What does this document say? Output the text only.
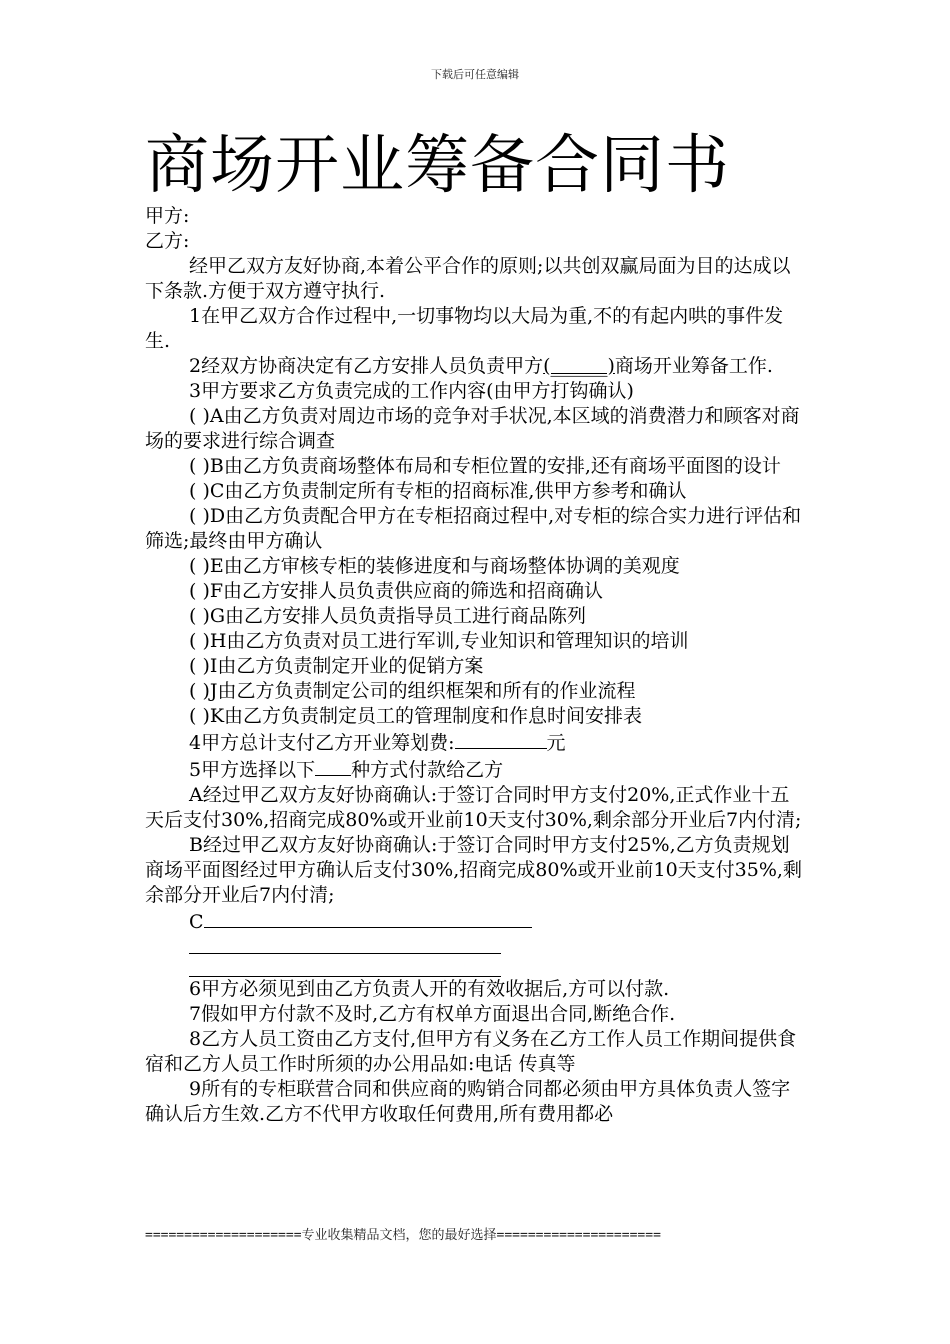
下载后可任意编辑
商场开业筹备合同书

甲方:

乙方:

经甲乙双方友好协商,本着公平合作的原则;以共创双赢局面为目的达成以下条款.方便于双方遵守执行.

1在甲乙双方合作过程中,一切事物均以大局为重,不的有起内哄的事件发生.

2经双方协商决定有乙方安排人员负责甲方(______)商场开业筹备工作.

3甲方要求乙方负责完成的工作内容(由甲方打钩确认)

( )A由乙方负责对周边市场的竞争对手状况,本区域的消费潜力和顾客对商场的要求进行综合调查

( )B由乙方负责商场整体布局和专柜位置的安排,还有商场平面图的设计

( )C由乙方负责制定所有专柜的招商标准,供甲方参考和确认

( )D由乙方负责配合甲方在专柜招商过程中,对专柜的综合实力进行评估和筛选;最终由甲方确认

( )E由乙方审核专柜的装修进度和与商场整体协调的美观度

( )F由乙方安排人员负责供应商的筛选和招商确认

( )G由乙方安排人员负责指导员工进行商品陈列

( )H由乙方负责对员工进行军训,专业知识和管理知识的培训

( )I由乙方负责制定开业的促销方案

( )J由乙方负责制定公司的组织框架和所有的作业流程

( )K由乙方负责制定员工的管理制度和作息时间安排表

4甲方总计支付乙方开业筹划费:	元

5甲方选择以下 种方式付款给乙方

A经过甲乙双方友好协商确认:于签订合同时甲方支付20%,正式作业十五天后支付30%,招商完成80%或开业前10天支付30%,剩余部分开业后7内付清;

B经过甲乙双方友好协商确认:于签订合同时甲方支付25%,乙方负责规划商场平面图经过甲方确认后支付30%,招商完成80%或开业前10天支付35%,剩余部分开业后7内付清;

C

6甲方必须见到由乙方负责人开的有效收据后,方可以付款.

7假如甲方付款不及时,乙方有权单方面退出合同,断绝合作.

8乙方人员工资由乙方支付,但甲方有义务在乙方工作人员工作期间提供食宿和乙方人员工作时所须的办公用品如:电话 传真等

9所有的专柜联营合同和供应商的购销合同都必须由甲方具体负责人签字确认后方生效.乙方不代甲方收取任何费用,所有费用都必

====================专业收集精品文档，您的最好选择=====================
